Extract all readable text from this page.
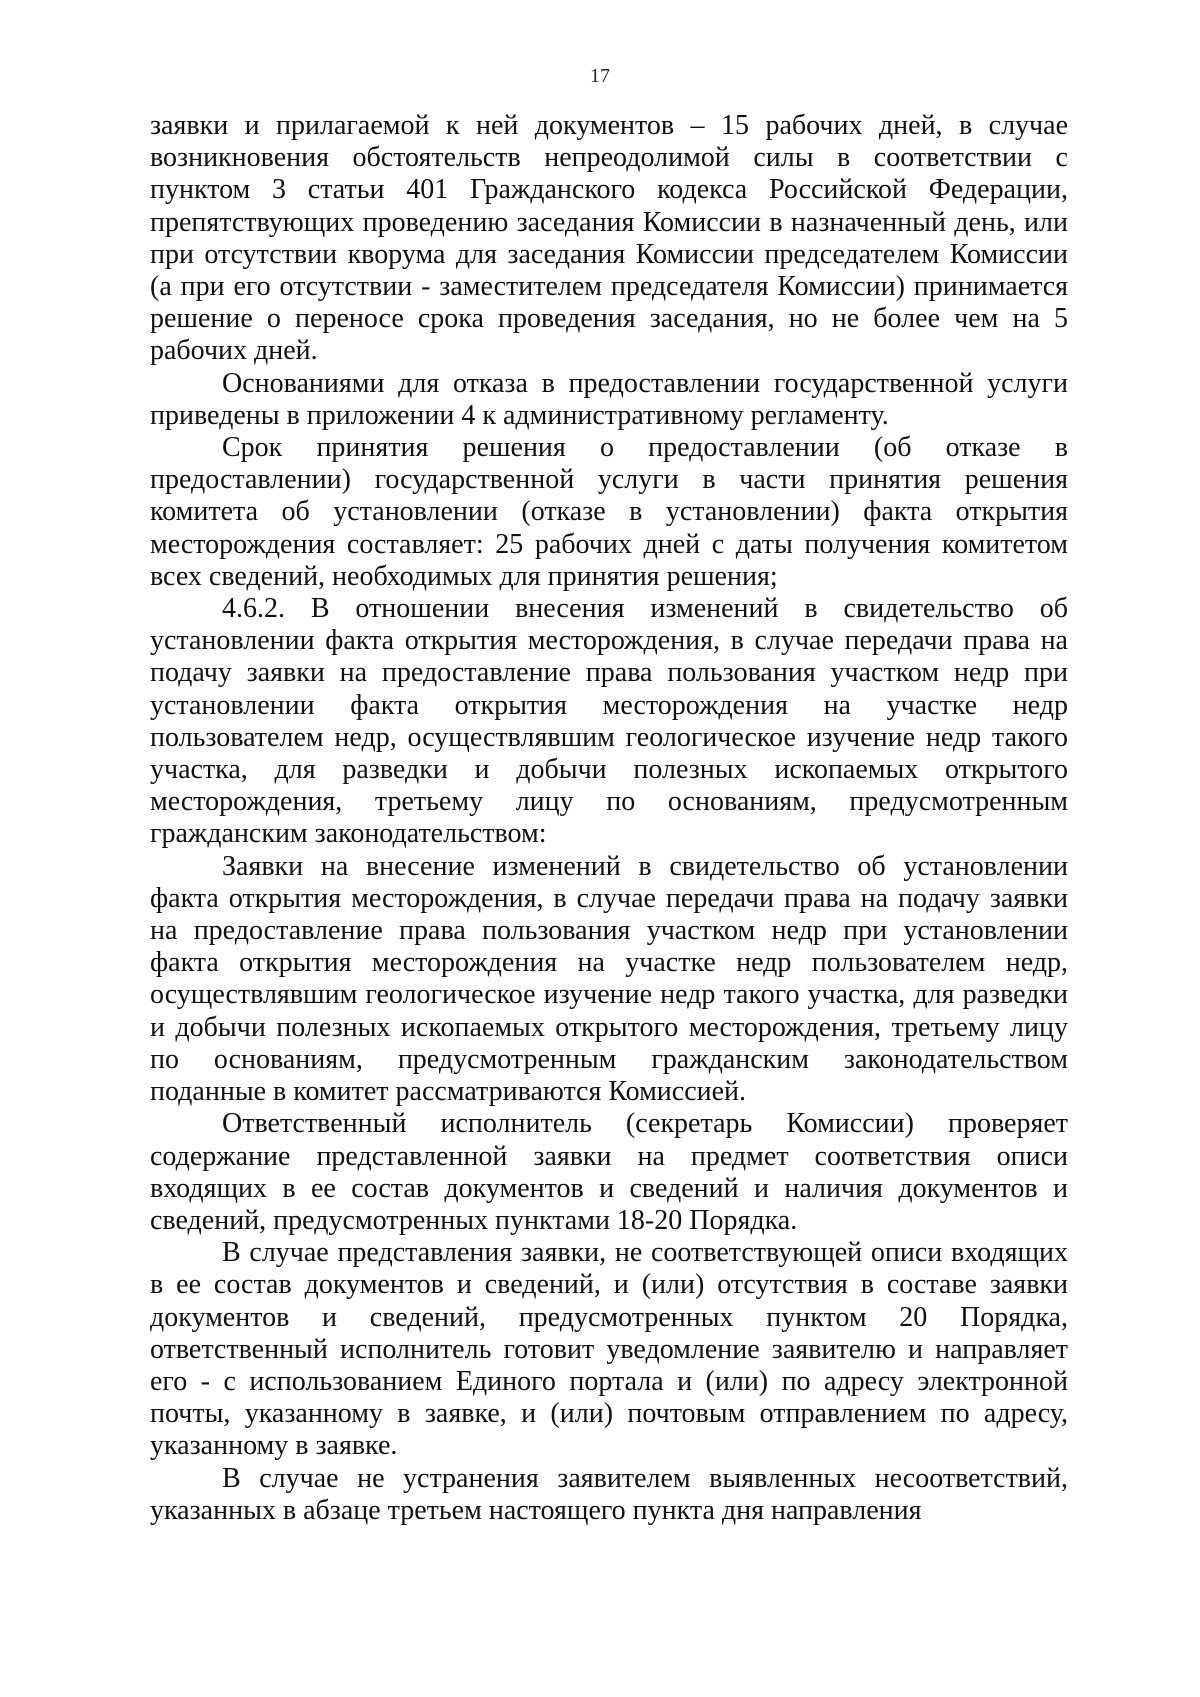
17

заявки и прилагаемой к ней документов – 15 рабочих дней, в случае возникновения обстоятельств непреодолимой силы в соответствии с пунктом 3 статьи 401 Гражданского кодекса Российской Федерации, препятствующих проведению заседания Комиссии в назначенный день, или при отсутствии кворума для заседания Комиссии председателем Комиссии (а при его отсутствии - заместителем председателя Комиссии) принимается решение о переносе срока проведения заседания, но не более чем на 5 рабочих дней.

Основаниями для отказа в предоставлении государственной услуги приведены в приложении 4 к административному регламенту.

Срок принятия решения о предоставлении (об отказе в предоставлении) государственной услуги в части принятия решения комитета об установлении (отказе в установлении) факта открытия месторождения составляет: 25 рабочих дней с даты получения комитетом всех сведений, необходимых для принятия решения;

4.6.2. В отношении внесения изменений в свидетельство об установлении факта открытия месторождения, в случае передачи права на подачу заявки на предоставление права пользования участком недр при установлении факта открытия месторождения на участке недр пользователем недр, осуществлявшим геологическое изучение недр такого участка, для разведки и добычи полезных ископаемых открытого месторождения, третьему лицу по основаниям, предусмотренным гражданским законодательством:

Заявки на внесение изменений в свидетельство об установлении факта открытия месторождения, в случае передачи права на подачу заявки на предоставление права пользования участком недр при установлении факта открытия месторождения на участке недр пользователем недр, осуществлявшим геологическое изучение недр такого участка, для разведки и добычи полезных ископаемых открытого месторождения, третьему лицу по основаниям, предусмотренным гражданским законодательством поданные в комитет рассматриваются Комиссией.

Ответственный исполнитель (секретарь Комиссии) проверяет содержание представленной заявки на предмет соответствия описи входящих в ее состав документов и сведений и наличия документов и сведений, предусмотренных пунктами 18-20 Порядка.

В случае представления заявки, не соответствующей описи входящих в ее состав документов и сведений, и (или) отсутствия в составе заявки документов и сведений, предусмотренных пунктом 20 Порядка, ответственный исполнитель готовит уведомление заявителю и направляет его - с использованием Единого портала и (или) по адресу электронной почты, указанному в заявке, и (или) почтовым отправлением по адресу, указанному в заявке.

В случае не устранения заявителем выявленных несоответствий, указанных в абзаце третьем настоящего пункта дня направления
